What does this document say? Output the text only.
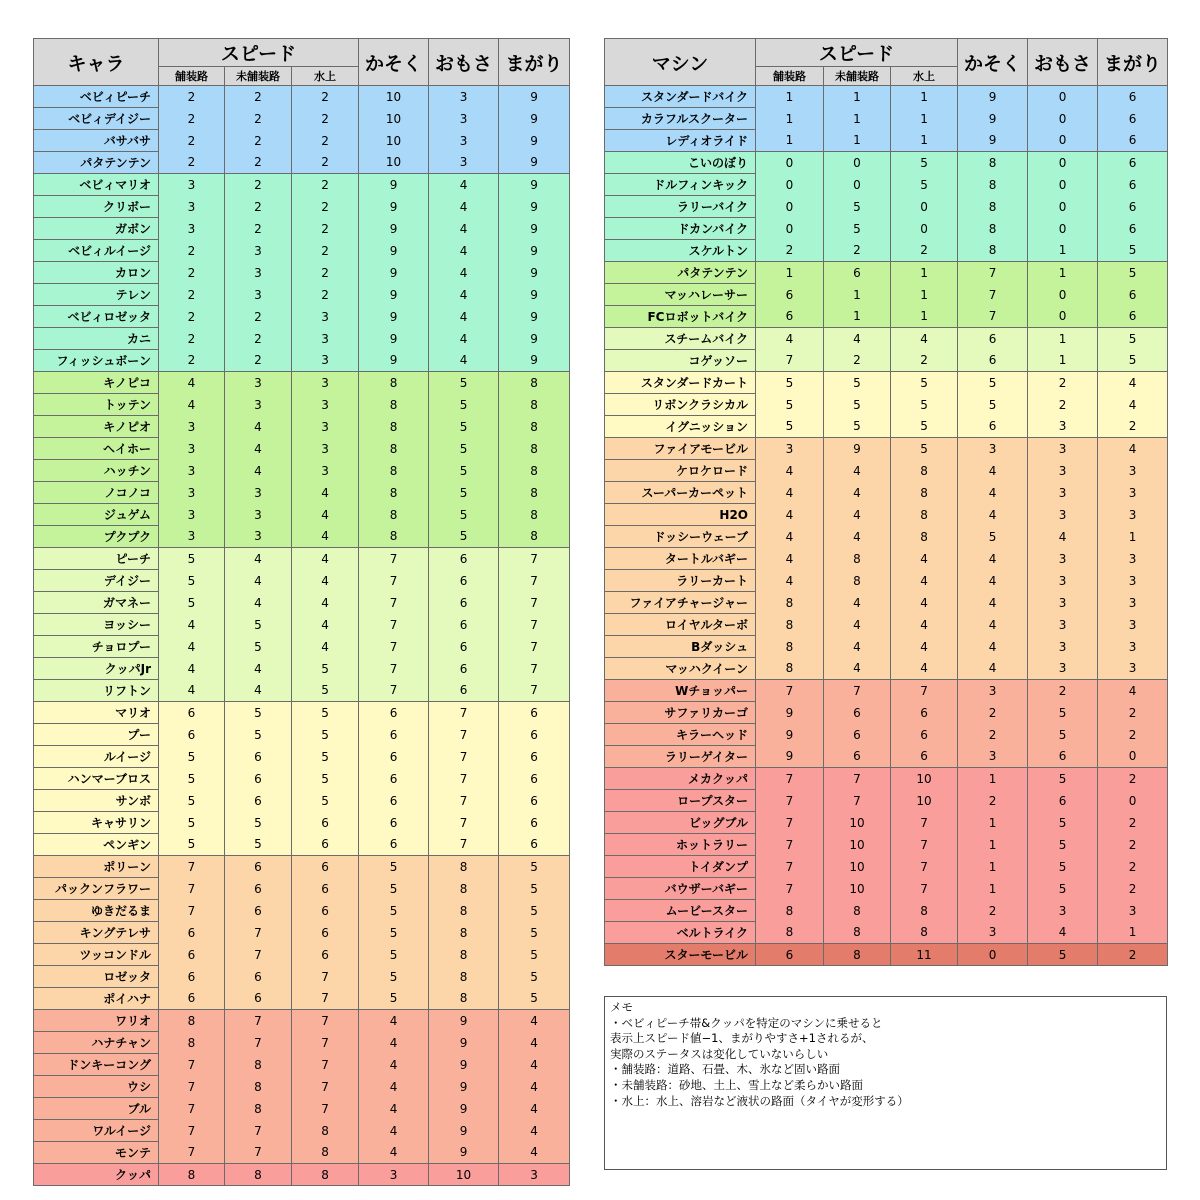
キャラ	スピード			かそく	おもさ	まがり
	舗装路	未舗装路	水上			
ベビィピーチ	2	2	2	10	3	9
ベビィデイジー	2	2	2	10	3	9
バサバサ	2	2	2	10	3	9
パタテンテン	2	2	2	10	3	9
ベビィマリオ	3	2	2	9	4	9
クリボー	3	2	2	9	4	9
ガボン	3	2	2	9	4	9
ベビィルイージ	2	3	2	9	4	9
カロン	2	3	2	9	4	9
テレン	2	3	2	9	4	9
ベビィロゼッタ	2	2	3	9	4	9
カニ	2	2	3	9	4	9
フィッシュボーン	2	2	3	9	4	9
キノピコ	4	3	3	8	5	8
トッテン	4	3	3	8	5	8
キノピオ	3	4	3	8	5	8
ヘイホー	3	4	3	8	5	8
ハッチン	3	4	3	8	5	8
ノコノコ	3	3	4	8	5	8
ジュゲム	3	3	4	8	5	8
プクプク	3	3	4	8	5	8
ピーチ	5	4	4	7	6	7
デイジー	5	4	4	7	6	7
ガマネー	5	4	4	7	6	7
ヨッシー	4	5	4	7	6	7
チョロプー	4	5	4	7	6	7
クッパJr	4	4	5	7	6	7
リフトン	4	4	5	7	6	7
マリオ	6	5	5	6	7	6
プー	6	5	5	6	7	6
ルイージ	5	6	5	6	7	6
ハンマーブロス	5	6	5	6	7	6
サンボ	5	6	5	6	7	6
キャサリン	5	5	6	6	7	6
ペンギン	5	5	6	6	7	6
ポリーン	7	6	6	5	8	5
パックンフラワー	7	6	6	5	8	5
ゆきだるま	7	6	6	5	8	5
キングテレサ	6	7	6	5	8	5
ツッコンドル	6	7	6	5	8	5
ロゼッタ	6	6	7	5	8	5
ポイハナ	6	6	7	5	8	5
ワリオ	8	7	7	4	9	4
ハナチャン	8	7	7	4	9	4
ドンキーコング	7	8	7	4	9	4
ウシ	7	8	7	4	9	4
ブル	7	8	7	4	9	4
ワルイージ	7	7	8	4	9	4
モンテ	7	7	8	4	9	4
クッパ	8	8	8	3	10	3
マシン	スピード			かそく	おもさ	まがり
	舗装路	未舗装路	水上			
スタンダードバイク	1	1	1	9	0	6
カラフルスクーター	1	1	1	9	0	6
レディオライド	1	1	1	9	0	6
こいのぼり	0	0	5	8	0	6
ドルフィンキック	0	0	5	8	0	6
ラリーバイク	0	5	0	8	0	6
ドカンバイク	0	5	0	8	0	6
スケルトン	2	2	2	8	1	5
パタテンテン	1	6	1	7	1	5
マッハレーサー	6	1	1	7	0	6
FCロボットバイク	6	1	1	7	0	6
スチームバイク	4	4	4	6	1	5
コゲッソー	7	2	2	6	1	5
スタンダードカート	5	5	5	5	2	4
リボンクラシカル	5	5	5	5	2	4
イグニッション	5	5	5	6	3	2
ファイアモービル	3	9	5	3	3	4
ケロケロード	4	4	8	4	3	3
スーパーカーペット	4	4	8	4	3	3
H2O	4	4	8	4	3	3
ドッシーウェーブ	4	4	8	5	4	1
タートルバギー	4	8	4	4	3	3
ラリーカート	4	8	4	4	3	3
ファイアチャージャー	8	4	4	4	3	3
ロイヤルターボ	8	4	4	4	3	3
Bダッシュ	8	4	4	4	3	3
マッハクイーン	8	4	4	4	3	3
Wチョッパー	7	7	7	3	2	4
サファリカーゴ	9	6	6	2	5	2
キラーヘッド	9	6	6	2	5	2
ラリーゲイター	9	6	6	3	6	0
メカクッパ	7	7	10	1	5	2
ロープスター	7	7	10	2	6	0
ビッグブル	7	10	7	1	5	2
ホットラリー	7	10	7	1	5	2
トイダンプ	7	10	7	1	5	2
バウザーバギー	7	10	7	1	5	2
ムービースター	8	8	8	2	3	3
ベルトライク	8	8	8	3	4	1
スターモービル	6	8	11	0	5	2
メモ
・ベビィピーチ帯&クッパを特定のマシンに乗せると
表示上スピード値−1、まがりやすさ+1されるが、
実際のステータスは変化していないらしい
・舗装路：道路、石畳、木、氷など固い路面
・未舗装路：砂地、土上、雪上など柔らかい路面
・水上：水上、溶岩など液状の路面（タイヤが変形する）
